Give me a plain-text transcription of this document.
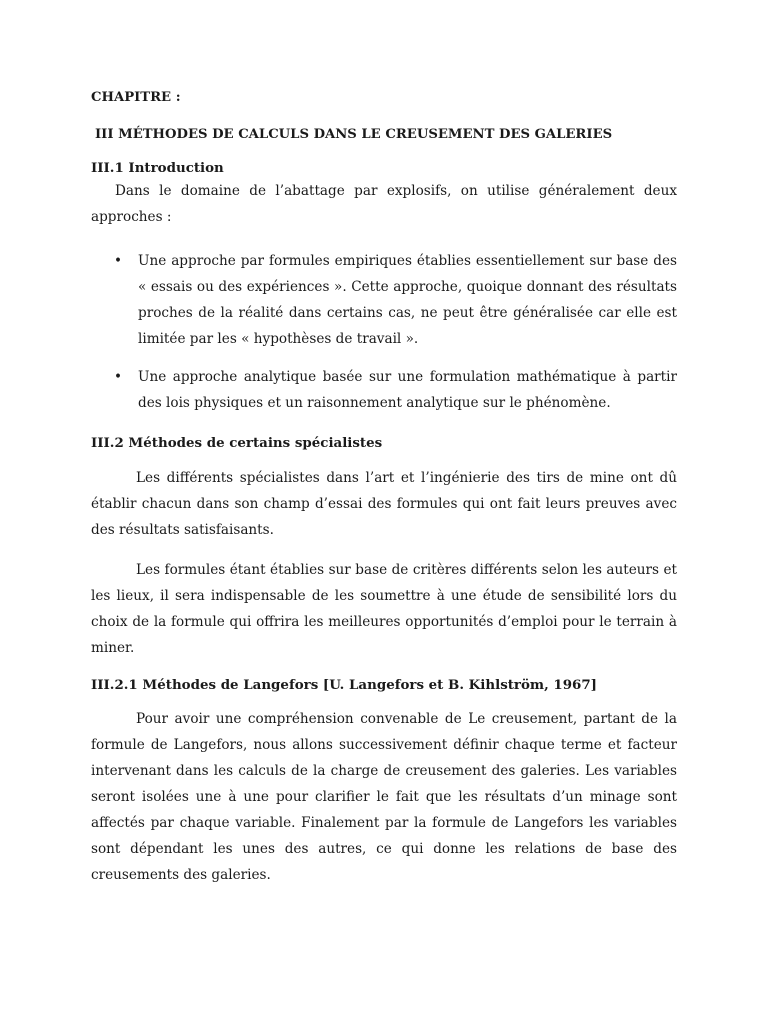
CHAPITRE :
III MÉTHODES DE CALCULS DANS LE CREUSEMENT DES GALERIES
III.1 Introduction

Dans le domaine de l’abattage par explosifs, on utilise généralement deux approches :

• Une approche par formules empiriques établies essentiellement sur base des « essais ou des expériences ». Cette approche, quoique donnant des résultats proches de la réalité dans certains cas, ne peut être généralisée car elle est limitée par les « hypothèses de travail ».
• Une approche analytique basée sur une formulation mathématique à partir des lois physiques et un raisonnement analytique sur le phénomène.
III.2 Méthodes de certains spécialistes

Les différents spécialistes dans l’art et l’ingénierie des tirs de mine ont dû établir chacun dans son champ d’essai des formules qui ont fait leurs preuves avec des résultats satisfaisants.

Les formules étant établies sur base de critères différents selon les auteurs et les lieux, il sera indispensable de les soumettre à une étude de sensibilité lors du choix de la formule qui offrira les meilleures opportunités d’emploi pour le terrain à miner.

III.2.1 Méthodes de Langefors [U. Langefors et B. Kihlström, 1967]

Pour avoir une compréhension convenable de Le creusement, partant de la formule de Langefors, nous allons successivement définir chaque terme et facteur intervenant dans les calculs de la charge de creusement des galeries. Les variables seront isolées une à une pour clarifier le fait que les résultats d’un minage sont affectés par chaque variable. Finalement par la formule de Langefors les variables sont dépendant les unes des autres, ce qui donne les relations de base des creusements des galeries.
